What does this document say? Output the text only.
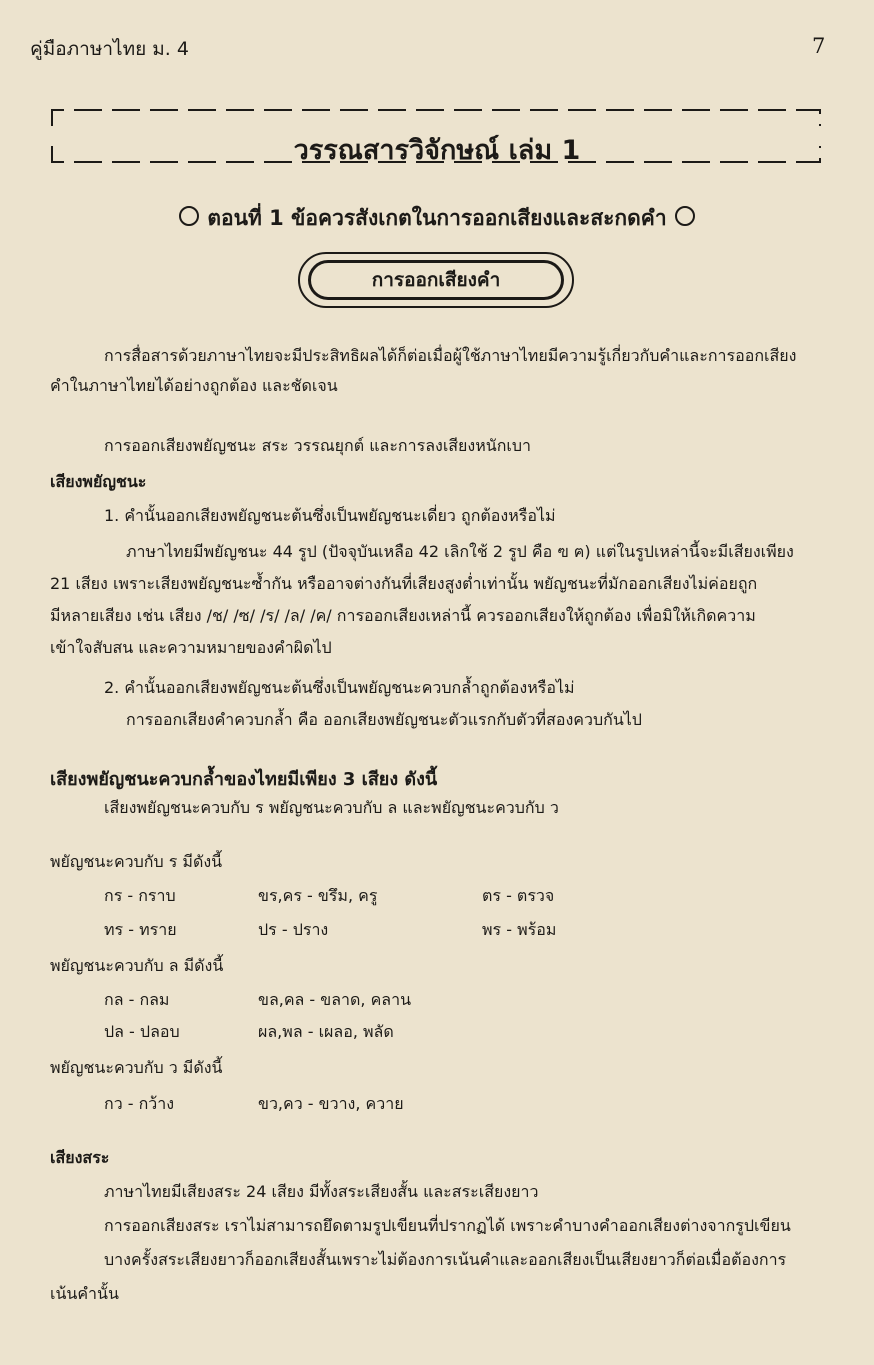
คู่มือภาษาไทย ม. 4	7
วรรณสารวิจักษณ์ เล่ม 1
ตอนที่ 1 ข้อควรสังเกตในการออกเสียงและสะกดคำ
การออกเสียงคำ
การสื่อสารด้วยภาษาไทยจะมีประสิทธิผลได้ก็ต่อเมื่อผู้ใช้ภาษาไทยมีความรู้เกี่ยวกับคำและการออกเสียง
คำในภาษาไทยได้อย่างถูกต้อง และชัดเจน
การออกเสียงพยัญชนะ สระ วรรณยุกต์ และการลงเสียงหนักเบา
เสียงพยัญชนะ
1. คำนั้นออกเสียงพยัญชนะต้นซึ่งเป็นพยัญชนะเดี่ยว ถูกต้องหรือไม่
ภาษาไทยมีพยัญชนะ 44 รูป (ปัจจุบันเหลือ 42 เลิกใช้ 2 รูป คือ ฃ ฅ) แต่ในรูปเหล่านี้จะมีเสียงเพียง
21 เสียง เพราะเสียงพยัญชนะซ้ำกัน หรืออาจต่างกันที่เสียงสูงต่ำเท่านั้น พยัญชนะที่มักออกเสียงไม่ค่อยถูก
มีหลายเสียง เช่น เสียง /ช/ /ซ/ /ร/ /ล/ /ค/ การออกเสียงเหล่านี้ ควรออกเสียงให้ถูกต้อง เพื่อมิให้เกิดความ
เข้าใจสับสน และความหมายของคำผิดไป
2. คำนั้นออกเสียงพยัญชนะต้นซึ่งเป็นพยัญชนะควบกล้ำถูกต้องหรือไม่
การออกเสียงคำควบกล้ำ คือ ออกเสียงพยัญชนะตัวแรกกับตัวที่สองควบกันไป
เสียงพยัญชนะควบกล้ำของไทยมีเพียง 3 เสียง ดังนี้
เสียงพยัญชนะควบกับ ร พยัญชนะควบกับ ล และพยัญชนะควบกับ ว
พยัญชนะควบกับ ร มีดังนี้
กร - กราบ	ขร,คร - ขรึม, ครู	ตร - ตรวจ
ทร - ทราย	ปร - ปราง	พร - พร้อม
พยัญชนะควบกับ ล มีดังนี้
กล - กลม	ขล,คล - ขลาด, คลาน
ปล - ปลอบ	ผล,พล - เผลอ, พลัด
พยัญชนะควบกับ ว มีดังนี้
กว - กว้าง	ขว,คว - ขวาง, ควาย
เสียงสระ
ภาษาไทยมีเสียงสระ 24 เสียง มีทั้งสระเสียงสั้น และสระเสียงยาว
การออกเสียงสระ เราไม่สามารถยึดตามรูปเขียนที่ปรากฏได้ เพราะคำบางคำออกเสียงต่างจากรูปเขียน
บางครั้งสระเสียงยาวก็ออกเสียงสั้นเพราะไม่ต้องการเน้นคำและออกเสียงเป็นเสียงยาวก็ต่อเมื่อต้องการ
เน้นคำนั้น
